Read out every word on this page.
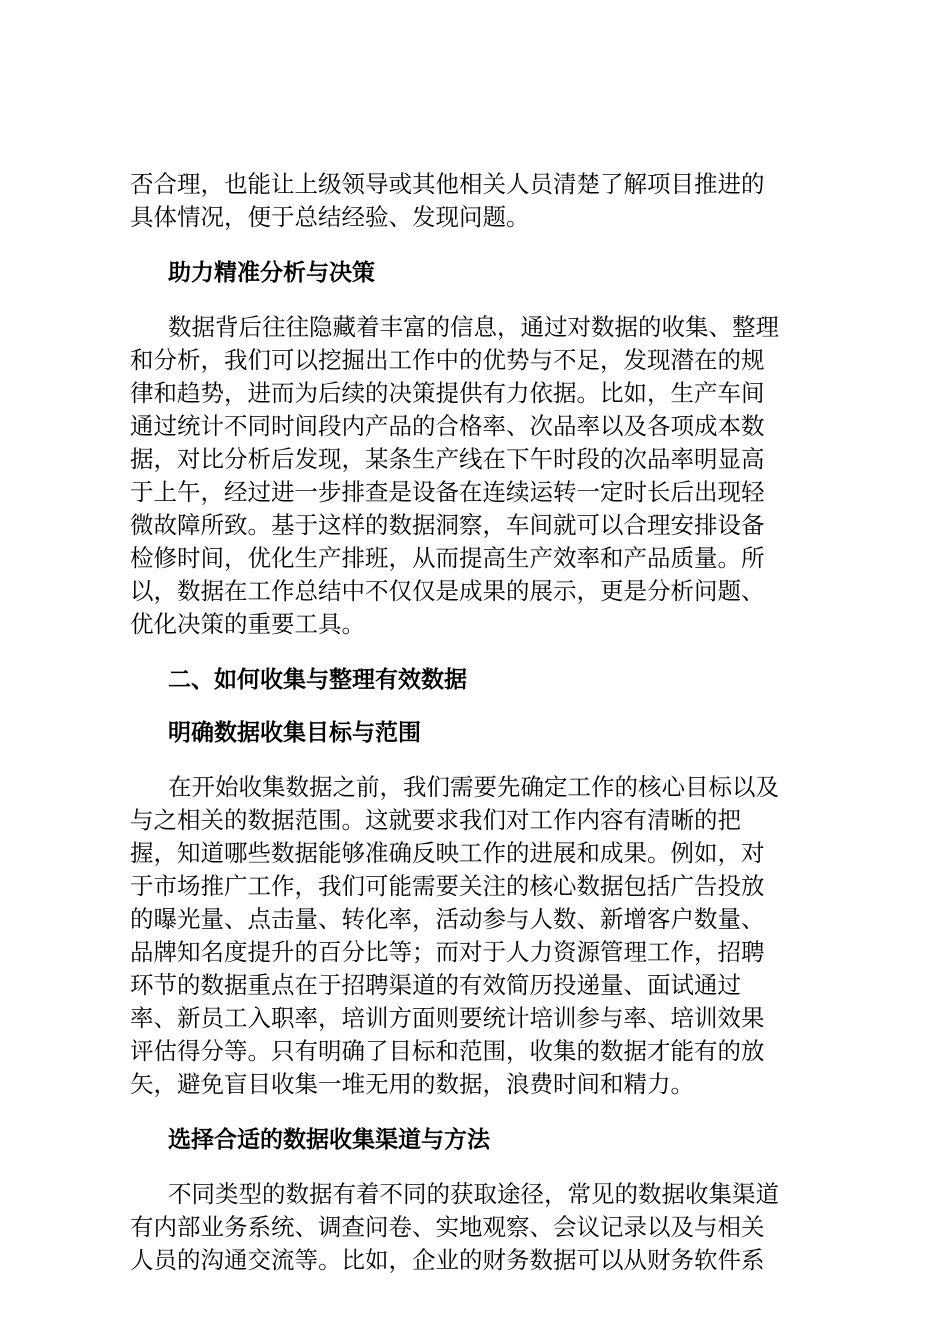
否合理，也能让上级领导或其他相关人员清楚了解项目推进的
具体情况，便于总结经验、发现问题。

助力精准分析与决策

数据背后往往隐藏着丰富的信息，通过对数据的收集、整理
和分析，我们可以挖掘出工作中的优势与不足，发现潜在的规
律和趋势，进而为后续的决策提供有力依据。比如，生产车间
通过统计不同时间段内产品的合格率、次品率以及各项成本数
据，对比分析后发现，某条生产线在下午时段的次品率明显高
于上午，经过进一步排查是设备在连续运转一定时长后出现轻
微故障所致。基于这样的数据洞察，车间就可以合理安排设备
检修时间，优化生产排班，从而提高生产效率和产品质量。所
以，数据在工作总结中不仅仅是成果的展示，更是分析问题、
优化决策的重要工具。

二、如何收集与整理有效数据
明确数据收集目标与范围

在开始收集数据之前，我们需要先确定工作的核心目标以及
与之相关的数据范围。这就要求我们对工作内容有清晰的把
握，知道哪些数据能够准确反映工作的进展和成果。例如，对
于市场推广工作，我们可能需要关注的核心数据包括广告投放
的曝光量、点击量、转化率，活动参与人数、新增客户数量、
品牌知名度提升的百分比等；而对于人力资源管理工作，招聘
环节的数据重点在于招聘渠道的有效简历投递量、面试通过
率、新员工入职率，培训方面则要统计培训参与率、培训效果
评估得分等。只有明确了目标和范围，收集的数据才能有的放
矢，避免盲目收集一堆无用的数据，浪费时间和精力。

选择合适的数据收集渠道与方法

不同类型的数据有着不同的获取途径，常见的数据收集渠道
有内部业务系统、调查问卷、实地观察、会议记录以及与相关
人员的沟通交流等。比如，企业的财务数据可以从财务软件系
